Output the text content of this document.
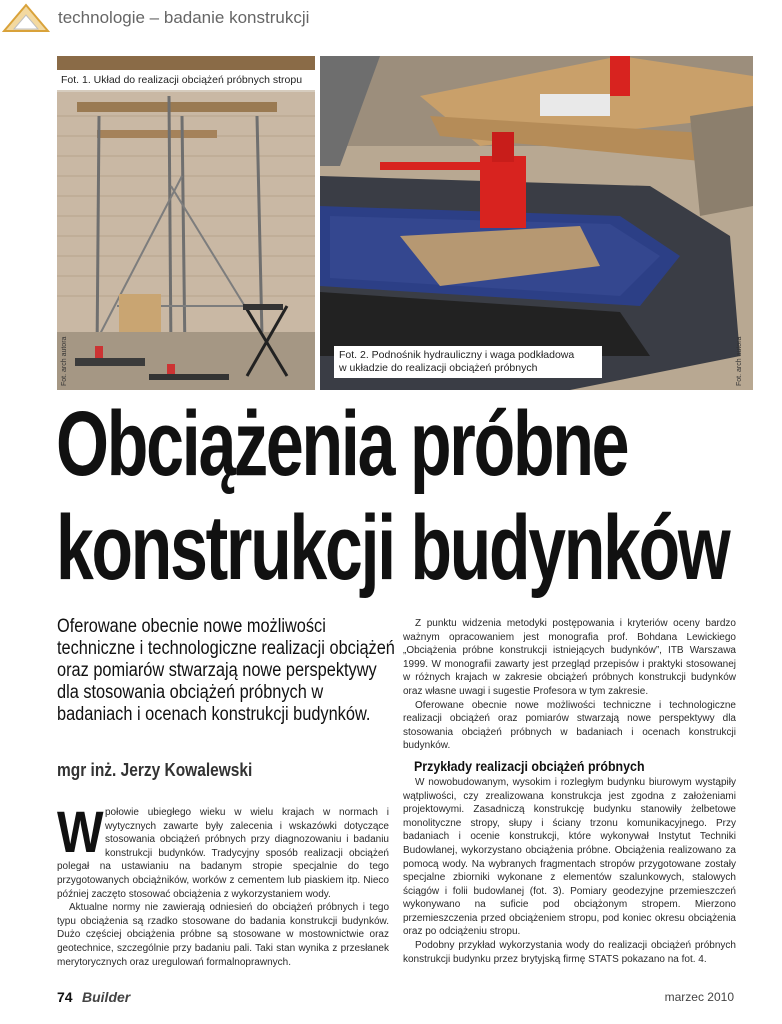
technologie – badanie konstrukcji
Fot. 1. Układ do realizacji obciążeń próbnych stropu
Fot. arch autora	Fot. 2. Podnośnik hydrauliczny i waga podkładowa
w układzie do realizacji obciążeń próbnych	Fot. arch autora
Obciążenia próbne
konstrukcji budynków
Oferowane obecnie nowe możliwości techniczne i technologiczne realizacji obciążeń oraz pomiarów stwarzają nowe perspektywy dla stosowania obciążeń próbnych w badaniach i ocenach konstrukcji budynków.
mgr inż. Jerzy Kowalewski

Wpołowie ubiegłego wieku w wielu krajach w normach i wytycznych zawarte były zalecenia i wskazówki dotyczące stosowania obciążeń próbnych przy diagnozowaniu i badaniu konstrukcji budynków. Tradycyjny sposób realizacji obciążeń polegał na ustawianiu na badanym stropie specjalnie do tego przygotowanych obciążników, worków z cementem lub piaskiem itp. Nieco później zaczęto stosować obciążenia z wykorzystaniem wody.

Aktualne normy nie zawierają odniesień do obciążeń próbnych i tego typu obciążenia są rzadko stosowane do badania konstrukcji budynków. Dużo częściej obciążenia próbne są stosowane w mostownictwie oraz geotechnice, szczególnie przy badaniu pali. Taki stan wynika z przesłanek merytorycznych oraz uregulowań formalnoprawnych.

Z punktu widzenia metodyki postępowania i kryteriów oceny bardzo ważnym opracowaniem jest monografia prof. Bohdana Lewickiego „Obciążenia próbne konstrukcji istniejących budynków”, ITB Warszawa 1999. W monografii zawarty jest przegląd przepisów i praktyki stosowanej w różnych krajach w zakresie obciążeń próbnych konstrukcji budynków oraz własne uwagi i sugestie Profesora w tym zakresie.

Oferowane obecnie nowe możliwości techniczne i technologiczne realizacji obciążeń oraz pomiarów stwarzają nowe perspektywy dla stosowania obciążeń próbnych w badaniach i ocenach konstrukcji budynków.

Przykłady realizacji obciążeń próbnych

W nowobudowanym, wysokim i rozległym budynku biurowym wystąpiły wątpliwości, czy zrealizowana konstrukcja jest zgodna z założeniami projektowymi. Zasadniczą konstrukcję budynku stanowiły żelbetowe monolityczne stropy, słupy i ściany trzonu komunikacyjnego. Przy badaniach i ocenie konstrukcji, które wykonywał Instytut Techniki Budowlanej, wykorzystano obciążenia próbne. Obciążenia realizowano za pomocą wody. Na wybranych fragmentach stropów przygotowane zostały specjalne zbiorniki wykonane z elementów szalunkowych, stalowych ściągów i folii budowlanej (fot. 3). Pomiary geodezyjne przemieszczeń wykonywano na suficie pod obciążonym stropem. Mierzono przemieszczenia przed obciążeniem stropu, pod koniec okresu obciążenia oraz po odciążeniu stropu.

Podobny przykład wykorzystania wody do realizacji obciążeń próbnych konstrukcji budynku przez brytyjską firmę STATS pokazano na fot. 4.

74 Builder	marzec 2010
